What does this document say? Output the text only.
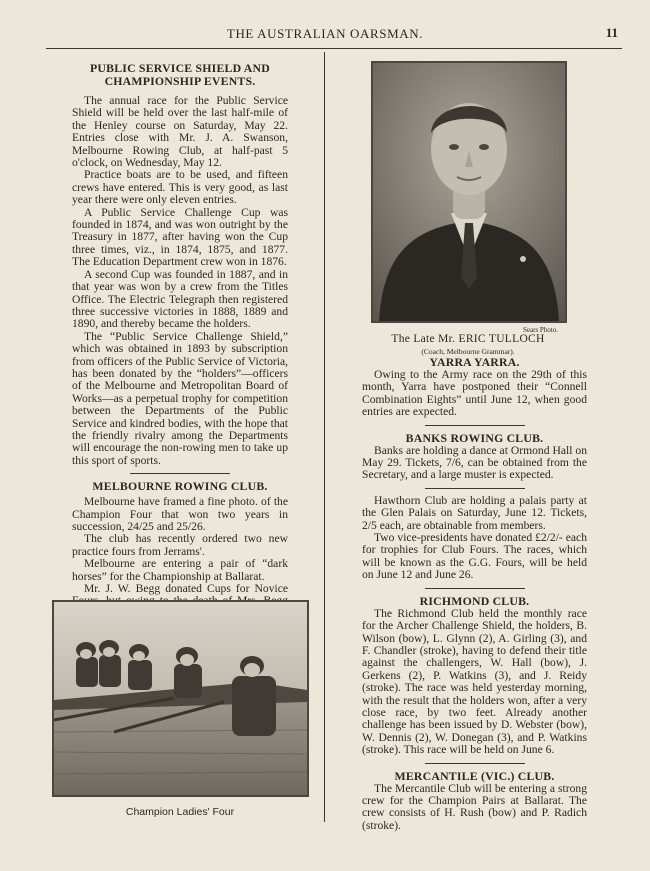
THE AUSTRALIAN OARSMAN.	11
PUBLIC SERVICE SHIELD AND CHAMPIONSHIP EVENTS.

The annual race for the Public Service Shield will be held over the last half-mile of the Henley course on Saturday, May 22. Entries close with Mr. J. A. Swanson, Melbourne Rowing Club, at half-past 5 o'clock, on Wednesday, May 12.

Practice boats are to be used, and fifteen crews have entered. This is very good, as last year there were only eleven entries.

A Public Service Challenge Cup was founded in 1874, and was won outright by the Treasury in 1877, after having won the Cup three times, viz., in 1874, 1875, and 1877. The Education Department crew won in 1876.

A second Cup was founded in 1887, and in that year was won by a crew from the Titles Office. The Electric Telegraph then registered three successive victories in 1888, 1889 and 1890, and thereby became the holders.

The “Public Service Challenge Shield,” which was obtained in 1893 by subscription from officers of the Public Service of Victoria, has been donated by the “holders”—officers of the Melbourne and Metropolitan Board of Works—as a perpetual trophy for competition between the Departments of the Public Service and kindred bodies, with the hope that the friendly rivalry among the Departments will encourage the non-rowing men to take up this sport of sports.

MELBOURNE ROWING CLUB.

Melbourne have framed a fine photo. of the Champion Four that won two years in succession, 24/25 and 25/26.

The club has recently ordered two new practice fours from Jerrams'.

Melbourne are entering a pair of “dark horses” for the Championship at Ballarat.

Mr. J. W. Begg donated Cups for Novice

Champion Ladies' Four
Sears Photo.
The Late Mr. ERIC TULLOCH
(Coach, Melbourne Grammar).
YARRA YARRA.

Owing to the Army race on the 29th of this month, Yarra have postponed their “Connell Combination Eights” until June 12, when good entries are expected.

BANKS ROWING CLUB.

Banks are holding a dance at Ormond Hall on May 29. Tickets, 7/6, can be obtained from the Secretary, and a large muster is expected.

Hawthorn Club are holding a palais party at the Glen Palais on Saturday, June 12. Tickets, 2/5 each, are obtainable from members.

Two vice-presidents have donated £2/2/- each for trophies for Club Fours. The races, which will be known as the G.G. Fours, will be held on June 12 and June 26.

RICHMOND CLUB.

The Richmond Club held the monthly race for the Archer Challenge Shield, the holders, B. Wilson (bow), L. Glynn (2), A. Girling (3), and F. Chandler (stroke), having to defend their title against the challengers, W. Hall (bow), J. Gerkens (2), P. Watkins (3), and J. Reidy (stroke). The race was held yesterday morning, with the result that the holders won, after a very close race, by two feet. Already another challenge has been issued by D. Webster (bow), W. Dennis (2), W. Donegan (3), and P. Watkins (stroke). This race will be held on June 6.

MERCANTILE (VIC.) CLUB.

The Mercantile Club will be entering a strong crew for the Champion Pairs at Ballarat. The crew consists of H. Rush (bow) and P. Radich (stroke).
